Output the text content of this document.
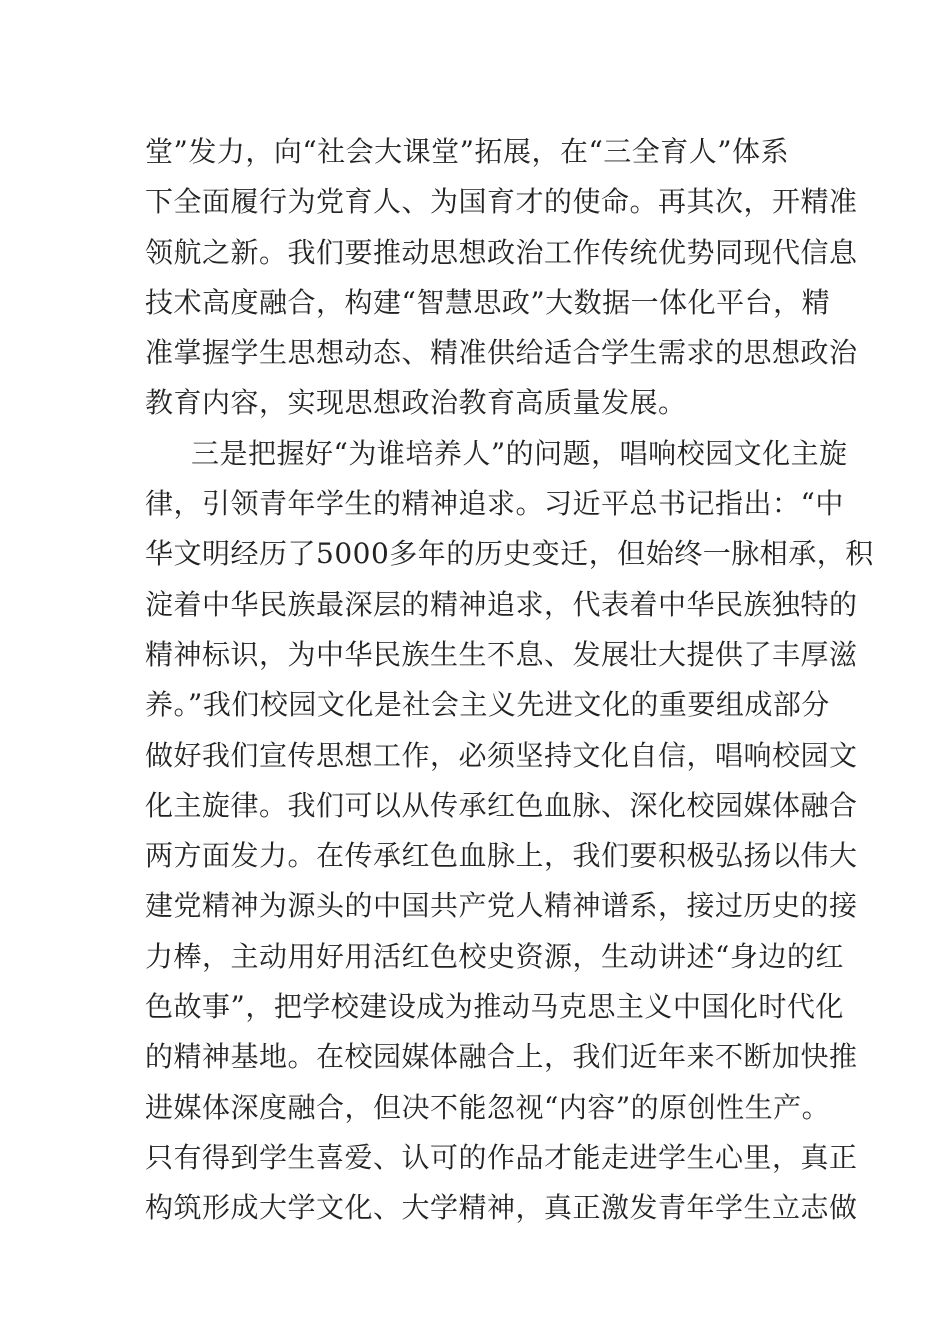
堂”发力，向“社会大课堂”拓展，在“三全育人”体系
下全面履行为党育人、为国育才的使命。再其次，开精准
领航之新。我们要推动思想政治工作传统优势同现代信息
技术高度融合，构建“智慧思政”大数据一体化平台，精
准掌握学生思想动态、精准供给适合学生需求的思想政治
教育内容，实现思想政治教育高质量发展。
三是把握好“为谁培养人”的问题，唱响校园文化主旋
律，引领青年学生的精神追求。习近平总书记指出：“中
华文明经历了5000多年的历史变迁，但始终一脉相承，积
淀着中华民族最深层的精神追求，代表着中华民族独特的
精神标识，为中华民族生生不息、发展壮大提供了丰厚滋
养。”我们校园文化是社会主义先进文化的重要组成部分
做好我们宣传思想工作，必须坚持文化自信，唱响校园文
化主旋律。我们可以从传承红色血脉、深化校园媒体融合
两方面发力。在传承红色血脉上，我们要积极弘扬以伟大
建党精神为源头的中国共产党人精神谱系，接过历史的接
力棒，主动用好用活红色校史资源，生动讲述“身边的红
色故事”，把学校建设成为推动马克思主义中国化时代化
的精神基地。在校园媒体融合上，我们近年来不断加快推
进媒体深度融合，但决不能忽视“内容”的原创性生产。
只有得到学生喜爱、认可的作品才能走进学生心里，真正
构筑形成大学文化、大学精神，真正激发青年学生立志做
